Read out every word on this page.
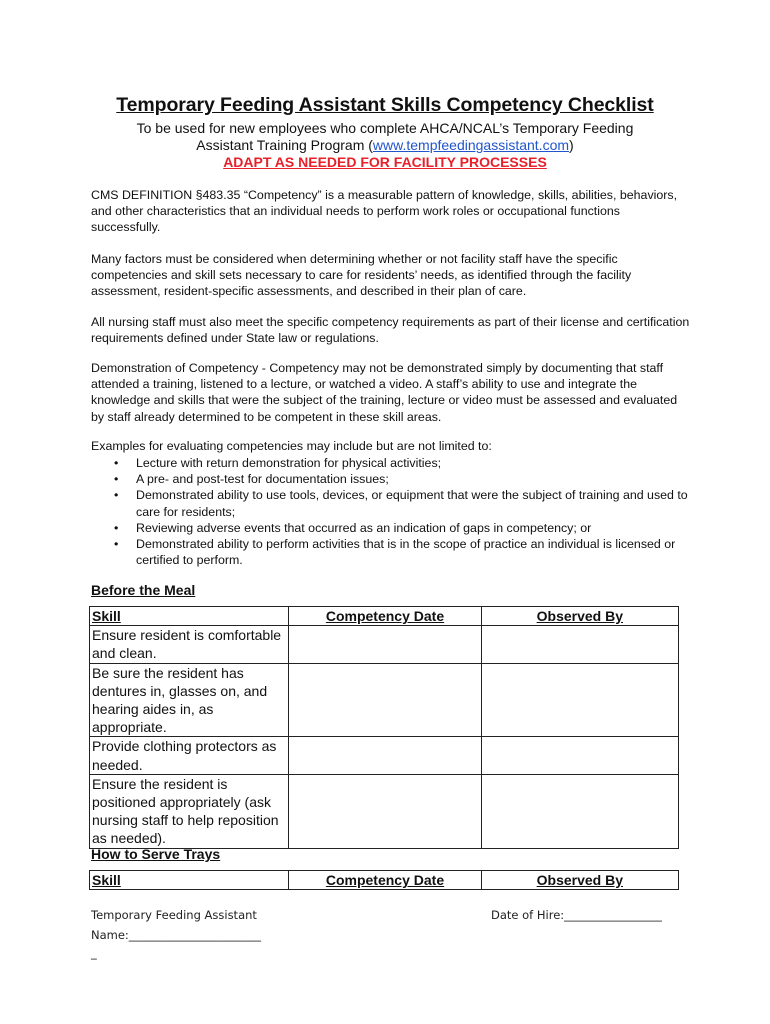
Temporary Feeding Assistant Skills Competency Checklist
To be used for new employees who complete AHCA/NCAL’s Temporary Feeding
Assistant Training Program (www.tempfeedingassistant.com)
ADAPT AS NEEDED FOR FACILITY PROCESSES

CMS DEFINITION §483.35 “Competency” is a measurable pattern of knowledge, skills, abilities, behaviors, and other characteristics that an individual needs to perform work roles or occupational functions successfully.

Many factors must be considered when determining whether or not facility staff have the specific competencies and skill sets necessary to care for residents’ needs, as identified through the facility assessment, resident-specific assessments, and described in their plan of care.

All nursing staff must also meet the specific competency requirements as part of their license and certification requirements defined under State law or regulations.

Demonstration of Competency - Competency may not be demonstrated simply by documenting that staff attended a training, listened to a lecture, or watched a video. A staff’s ability to use and integrate the knowledge and skills that were the subject of the training, lecture or video must be assessed and evaluated by staff already determined to be competent in these skill areas.

Examples for evaluating competencies may include but are not limited to:

• Lecture with return demonstration for physical activities;
• A pre- and post-test for documentation issues;
• Demonstrated ability to use tools, devices, or equipment that were the subject of training and used to care for residents;
• Reviewing adverse events that occurred as an indication of gaps in competency; or
• Demonstrated ability to perform activities that is in the scope of practice an individual is licensed or certified to perform.
Before the Meal
Skill	Competency Date	Observed By
Ensure resident is comfortable and clean.		
Be sure the resident has dentures in, glasses on, and hearing aides in, as appropriate.		
Provide clothing protectors as needed.		
Ensure the resident is positioned appropriately (ask nursing staff to help reposition as needed).		
How to Serve Trays
Skill	Competency Date	Observed By
Temporary Feeding Assistant
Name:_______________________
_
Date of Hire:_________________
